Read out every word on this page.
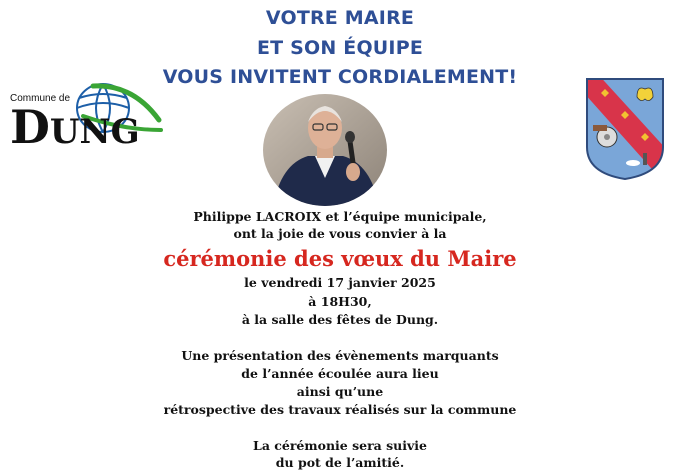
VOTRE MAIRE
ET SON ÉQUIPE
VOUS INVITENT CORDIALEMENT!
Commune de
DUNG
Philippe LACROIX et l’équipe municipale,
ont la joie de vous convier à la
cérémonie des vœux du Maire
le vendredi 17 janvier 2025
à 18H30,
à la salle des fêtes de Dung.
Une présentation des évènements marquants
de l’année écoulée aura lieu
ainsi qu’une
rétrospective des travaux réalisés sur la commune
La cérémonie sera suivie
du pot de l’amitié.
